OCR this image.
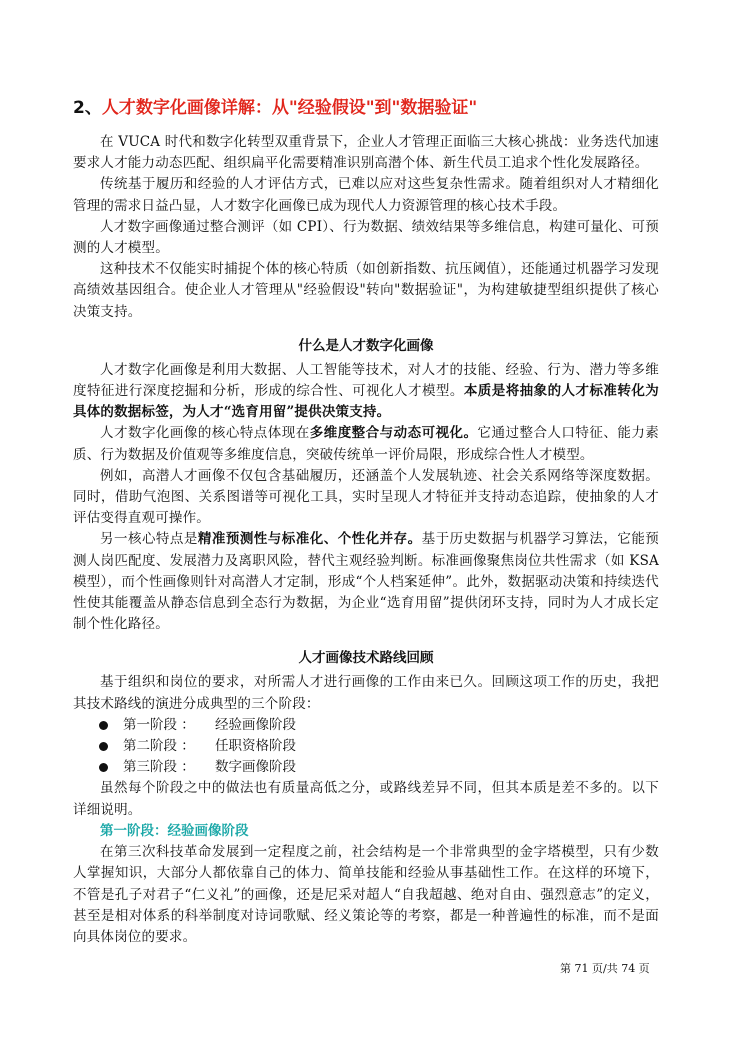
2、人才数字化画像详解：从"经验假设"到"数据验证"

在 VUCA 时代和数字化转型双重背景下，企业人才管理正面临三大核心挑战：业务迭代加速要求人才能力动态匹配、组织扁平化需要精准识别高潜个体、新生代员工追求个性化发展路径。

传统基于履历和经验的人才评估方式，已难以应对这些复杂性需求。随着组织对人才精细化管理的需求日益凸显，人才数字化画像已成为现代人力资源管理的核心技术手段。

人才数字画像通过整合测评（如 CPI）、行为数据、绩效结果等多维信息，构建可量化、可预测的人才模型。

这种技术不仅能实时捕捉个体的核心特质（如创新指数、抗压阈值），还能通过机器学习发现高绩效基因组合。使企业人才管理从"经验假设"转向"数据验证"，为构建敏捷型组织提供了核心决策支持。

什么是人才数字化画像

人才数字化画像是利用大数据、人工智能等技术，对人才的技能、经验、行为、潜力等多维度特征进行深度挖掘和分析，形成的综合性、可视化人才模型。本质是将抽象的人才标准转化为具体的数据标签，为人才“选育用留”提供决策支持。

人才数字化画像的核心特点体现在多维度整合与动态可视化。它通过整合人口特征、能力素质、行为数据及价值观等多维度信息，突破传统单一评价局限，形成综合性人才模型。

例如，高潜人才画像不仅包含基础履历，还涵盖个人发展轨迹、社会关系网络等深度数据。同时，借助气泡图、关系图谱等可视化工具，实时呈现人才特征并支持动态追踪，使抽象的人才评估变得直观可操作。

另一核心特点是精准预测性与标准化、个性化并存。基于历史数据与机器学习算法，它能预测人岗匹配度、发展潜力及离职风险，替代主观经验判断。标准画像聚焦岗位共性需求（如 KSA 模型），而个性画像则针对高潜人才定制，形成“个人档案延伸”。此外，数据驱动决策和持续迭代性使其能覆盖从静态信息到全态行为数据，为企业“选育用留”提供闭环支持，同时为人才成长定制个性化路径。

人才画像技术路线回顾

基于组织和岗位的要求，对所需人才进行画像的工作由来已久。回顾这项工作的历史，我把其技术路线的演进分成典型的三个阶段：

第一阶段 ： 经验画像阶段
第二阶段 ： 任职资格阶段
第三阶段 ： 数字画像阶段

虽然每个阶段之中的做法也有质量高低之分，或路线差异不同，但其本质是差不多的。以下详细说明。

第一阶段：经验画像阶段

在第三次科技革命发展到一定程度之前，社会结构是一个非常典型的金字塔模型，只有少数人掌握知识，大部分人都依靠自己的体力、简单技能和经验从事基础性工作。在这样的环境下，不管是孔子对君子“仁义礼”的画像，还是尼采对超人“自我超越、绝对自由、强烈意志”的定义，甚至是相对体系的科举制度对诗词歌赋、经义策论等的考察，都是一种普遍性的标准，而不是面向具体岗位的要求。

第 71 页/共 74 页
